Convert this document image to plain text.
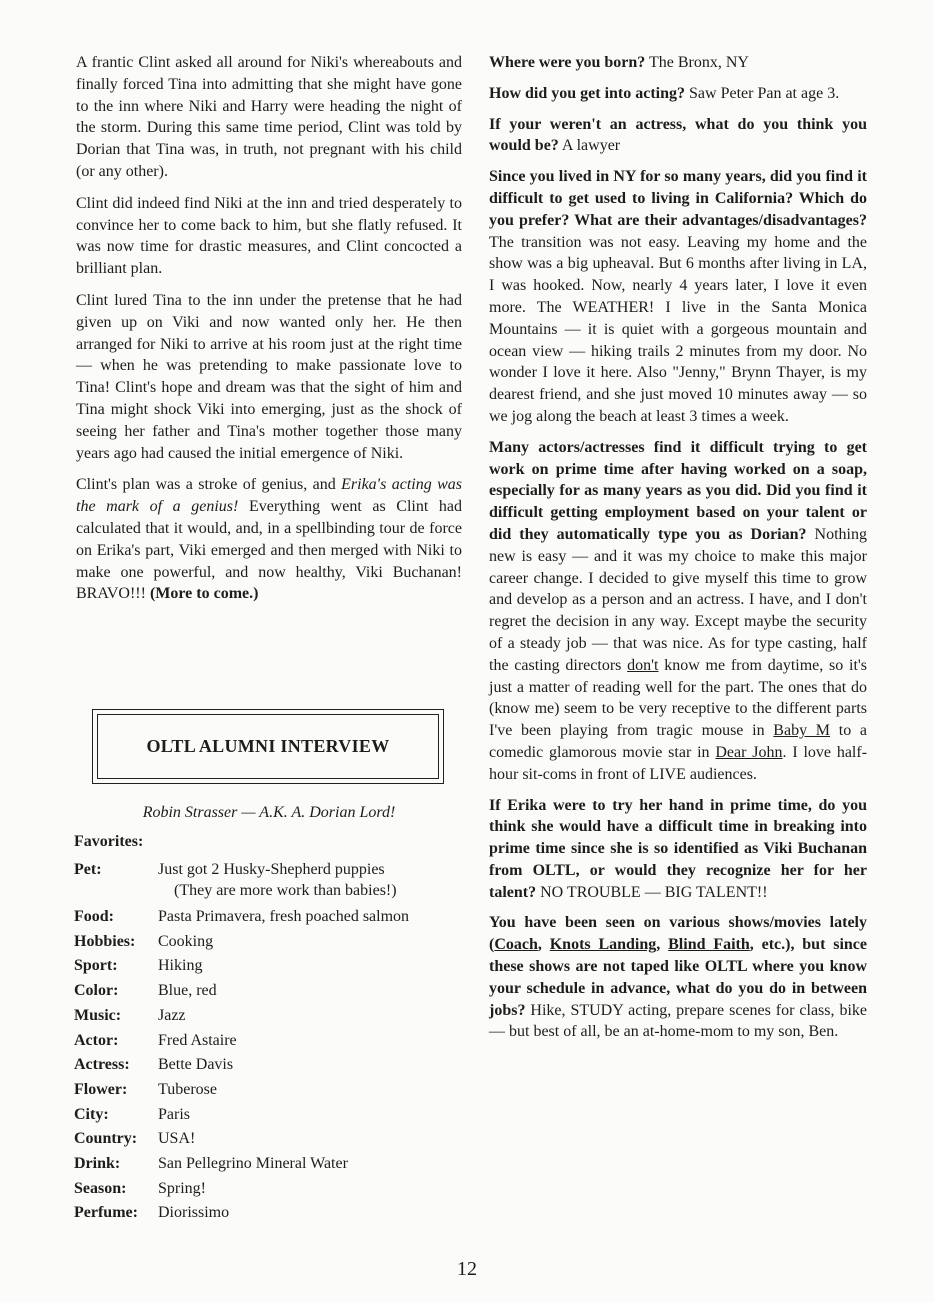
A frantic Clint asked all around for Niki's whereabouts and finally forced Tina into admitting that she might have gone to the inn where Niki and Harry were heading the night of the storm. During this same time period, Clint was told by Dorian that Tina was, in truth, not pregnant with his child (or any other).

Clint did indeed find Niki at the inn and tried desperately to convince her to come back to him, but she flatly refused. It was now time for drastic measures, and Clint concocted a brilliant plan.

Clint lured Tina to the inn under the pretense that he had given up on Viki and now wanted only her. He then arranged for Niki to arrive at his room just at the right time — when he was pretending to make passionate love to Tina! Clint's hope and dream was that the sight of him and Tina might shock Viki into emerging, just as the shock of seeing her father and Tina's mother together those many years ago had caused the initial emergence of Niki.

Clint's plan was a stroke of genius, and Erika's acting was the mark of a genius! Everything went as Clint had calculated that it would, and, in a spellbinding tour de force on Erika's part, Viki emerged and then merged with Niki to make one powerful, and now healthy, Viki Buchanan! BRAVO!!! (More to come.)

OLTL ALUMNI INTERVIEW
Robin Strasser — A.K. A. Dorian Lord!
Favorites:
Pet:	Just got 2 Husky-Shepherd puppies
(They are more work than babies!)
Food:	Pasta Primavera, fresh poached salmon
Hobbies:	Cooking
Sport:	Hiking
Color:	Blue, red
Music:	Jazz
Actor:	Fred Astaire
Actress:	Bette Davis
Flower:	Tuberose
City:	Paris
Country:	USA!
Drink:	San Pellegrino Mineral Water
Season:	Spring!
Perfume:	Diorissimo

Where were you born? The Bronx, NY

How did you get into acting? Saw Peter Pan at age 3.

If your weren't an actress, what do you think you would be? A lawyer

Since you lived in NY for so many years, did you find it difficult to get used to living in California? Which do you prefer? What are their advantages/disadvantages? The transition was not easy. Leaving my home and the show was a big upheaval. But 6 months after living in LA, I was hooked. Now, nearly 4 years later, I love it even more. The WEATHER! I live in the Santa Monica Mountains — it is quiet with a gorgeous mountain and ocean view — hiking trails 2 minutes from my door. No wonder I love it here. Also "Jenny," Brynn Thayer, is my dearest friend, and she just moved 10 minutes away — so we jog along the beach at least 3 times a week.

Many actors/actresses find it difficult trying to get work on prime time after having worked on a soap, especially for as many years as you did. Did you find it difficult getting employment based on your talent or did they automatically type you as Dorian? Nothing new is easy — and it was my choice to make this major career change. I decided to give myself this time to grow and develop as a person and an actress. I have, and I don't regret the decision in any way. Except maybe the security of a steady job — that was nice. As for type casting, half the casting directors don't know me from daytime, so it's just a matter of reading well for the part. The ones that do (know me) seem to be very receptive to the different parts I've been playing from tragic mouse in Baby M to a comedic glamorous movie star in Dear John. I love half-hour sit-coms in front of LIVE audiences.

If Erika were to try her hand in prime time, do you think she would have a difficult time in breaking into prime time since she is so identified as Viki Buchanan from OLTL, or would they recognize her for her talent? NO TROUBLE — BIG TALENT!!

You have been seen on various shows/movies lately (Coach, Knots Landing, Blind Faith, etc.), but since these shows are not taped like OLTL where you know your schedule in advance, what do you do in between jobs? Hike, STUDY acting, prepare scenes for class, bike — but best of all, be an at-home-mom to my son, Ben.

12
